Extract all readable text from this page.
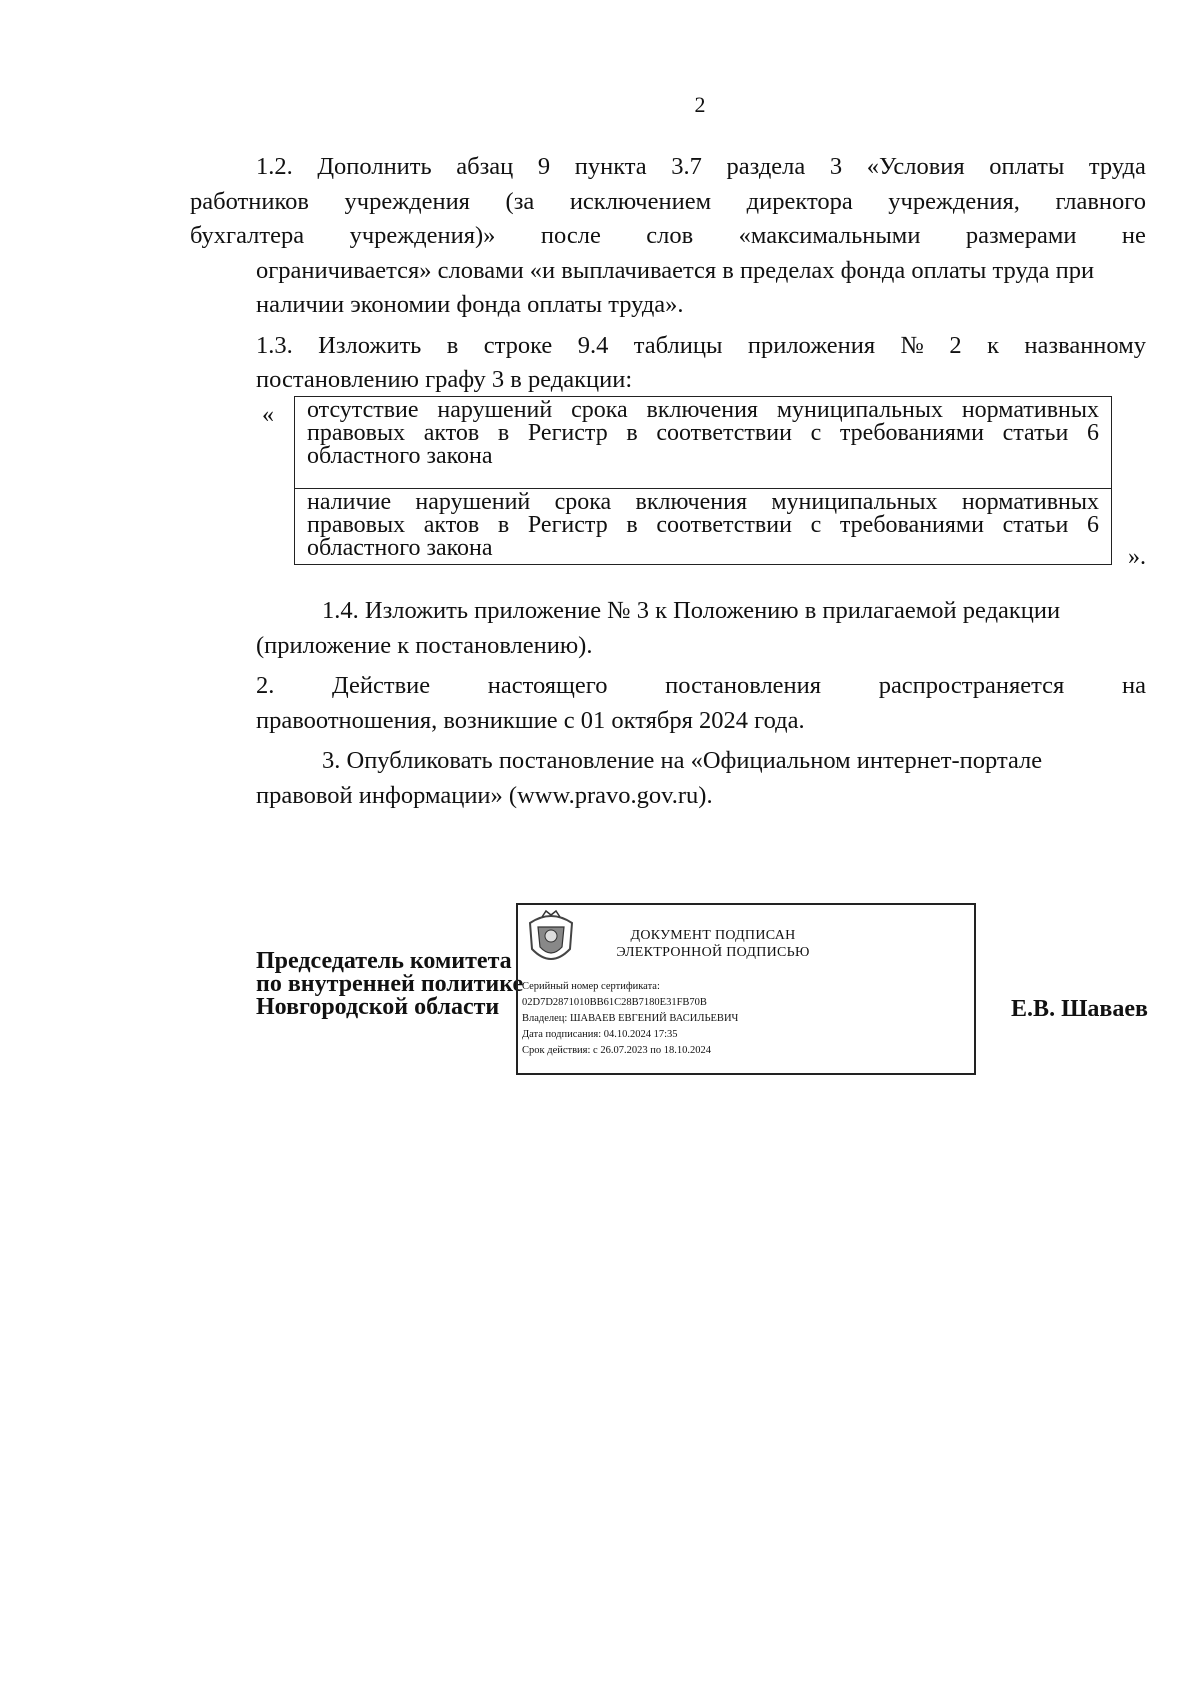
2
1.2. Дополнить абзац 9 пункта 3.7 раздела 3 «Условия оплаты труда
работников учреждения (за исключением директора учреждения, главного
бухгалтера учреждения)» после слов «максимальными размерами не
ограничивается» словами «и выплачивается в пределах фонда оплаты труда при
наличии экономии фонда оплаты труда».
1.3. Изложить в строке 9.4 таблицы приложения № 2 к названному
постановлению графу 3 в редакции:
«	отсутствие нарушений срока включения муниципальных нормативных правовых актов в Регистр в соответствии с требованиями статьи 6 областного закона
наличие нарушений срока включения муниципальных нормативных правовых актов в Регистр в соответствии с требованиями статьи 6 областного закона	».
1.4. Изложить приложение № 3 к Положению в прилагаемой редакции
(приложение к постановлению).
2. Действие настоящего постановления распространяется на
правоотношения, возникшие с 01 октября 2024 года.
3. Опубликовать постановление на «Официальном интернет-портале
правовой информации» (www.pravo.gov.ru).
Председатель комитета
по внутренней политике
Новгородской области
ДОКУМЕНТ ПОДПИСАН
ЭЛЕКТРОННОЙ ПОДПИСЬЮ
Серийный номер сертификата:
02D7D2871010BB61C28B7180E31FB70B
Владелец: ШАВАЕВ ЕВГЕНИЙ ВАСИЛЬЕВИЧ
Дата подписания: 04.10.2024 17:35
Срок действия: с 26.07.2023 по 18.10.2024
Е.В. Шаваев
